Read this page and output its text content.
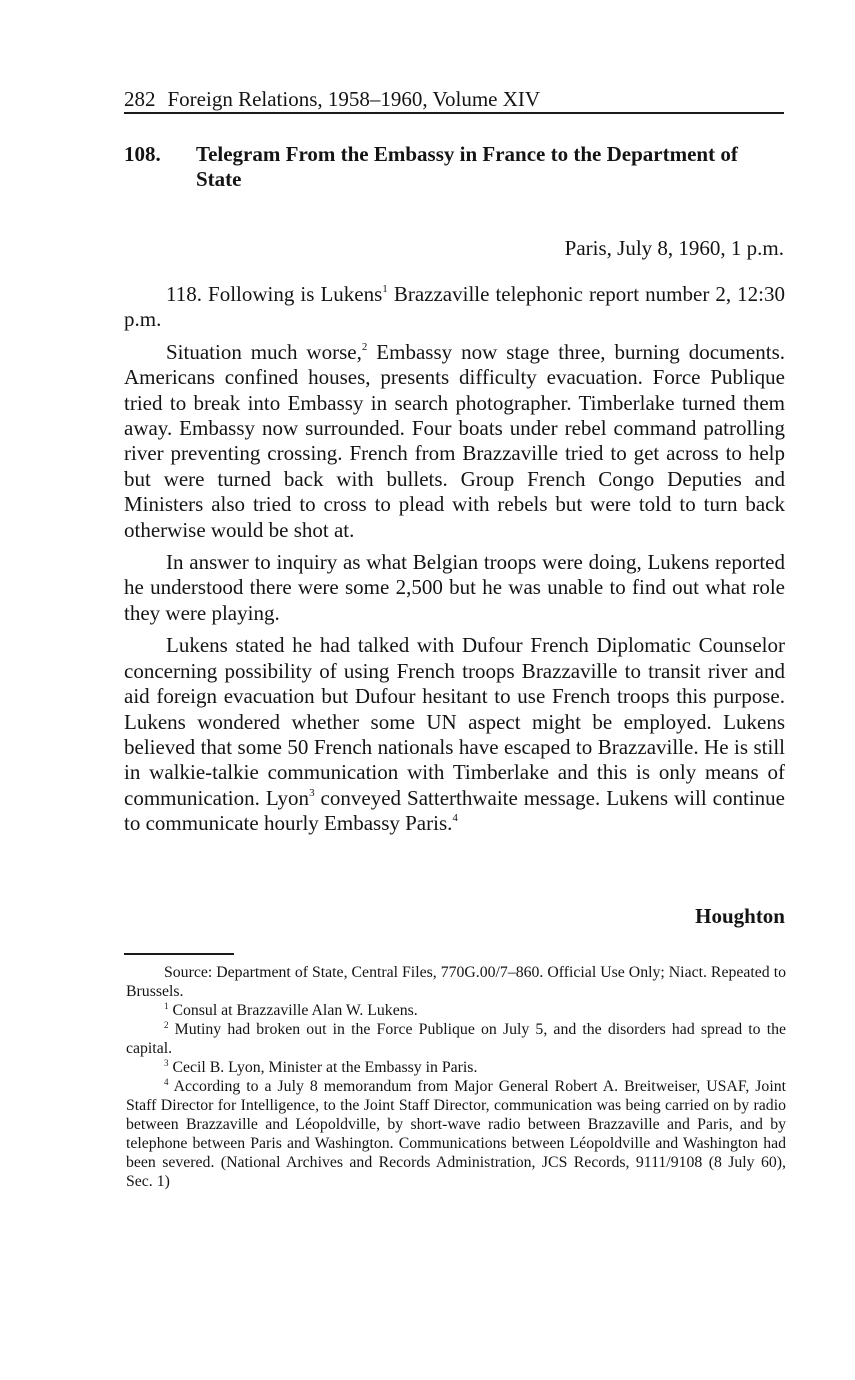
282 Foreign Relations, 1958–1960, Volume XIV
108. Telegram From the Embassy in France to the Department of State
Paris, July 8, 1960, 1 p.m.

118. Following is Lukens$^1$ Brazzaville telephonic report number 2, 12:30 p.m.

Situation much worse,$^2$ Embassy now stage three, burning documents. Americans confined houses, presents difficulty evacuation. Force Publique tried to break into Embassy in search photographer. Timberlake turned them away. Embassy now surrounded. Four boats under rebel command patrolling river preventing crossing. French from Brazzaville tried to get across to help but were turned back with bullets. Group French Congo Deputies and Ministers also tried to cross to plead with rebels but were told to turn back otherwise would be shot at.

In answer to inquiry as what Belgian troops were doing, Lukens reported he understood there were some 2,500 but he was unable to find out what role they were playing.

Lukens stated he had talked with Dufour French Diplomatic Counselor concerning possibility of using French troops Brazzaville to transit river and aid foreign evacuation but Dufour hesitant to use French troops this purpose. Lukens wondered whether some UN aspect might be employed. Lukens believed that some 50 French nationals have escaped to Brazzaville. He is still in walkie-talkie communication with Timberlake and this is only means of communication. Lyon$^3$ conveyed Satterthwaite message. Lukens will continue to communicate hourly Embassy Paris.$^4$

Houghton

Source: Department of State, Central Files, 770G.00/7–860. Official Use Only; Niact. Repeated to Brussels.

$^1$ Consul at Brazzaville Alan W. Lukens.

$^2$ Mutiny had broken out in the Force Publique on July 5, and the disorders had spread to the capital.

$^3$ Cecil B. Lyon, Minister at the Embassy in Paris.

$^4$ According to a July 8 memorandum from Major General Robert A. Breitweiser, USAF, Joint Staff Director for Intelligence, to the Joint Staff Director, communication was being carried on by radio between Brazzaville and Léopoldville, by short-wave radio between Brazzaville and Paris, and by telephone between Paris and Washington. Communications between Léopoldville and Washington had been severed. (National Archives and Records Administration, JCS Records, 9111/9108 (8 July 60), Sec. 1)
